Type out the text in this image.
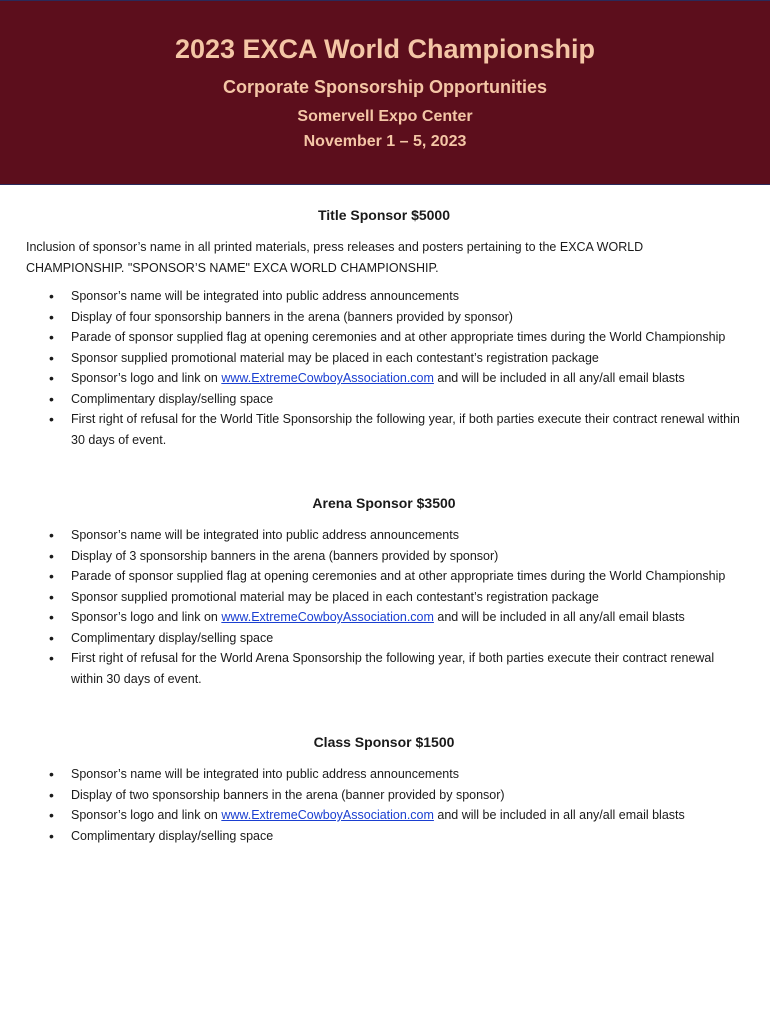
2023 EXCA World Championship
Corporate Sponsorship Opportunities
Somervell Expo Center
November 1 – 5, 2023
Title Sponsor $5000

Inclusion of sponsor’s name in all printed materials, press releases and posters pertaining to the EXCA WORLD CHAMPIONSHIP. "SPONSOR’S NAME" EXCA WORLD CHAMPIONSHIP.

• Sponsor’s name will be integrated into public address announcements
• Display of four sponsorship banners in the arena (banners provided by sponsor)
• Parade of sponsor supplied flag at opening ceremonies and at other appropriate times during the World Championship
• Sponsor supplied promotional material may be placed in each contestant’s registration package
• Sponsor’s logo and link on www.ExtremeCowboyAssociation.com and will be included in all any/all email blasts
• Complimentary display/selling space
• First right of refusal for the World Title Sponsorship the following year, if both parties execute their contract renewal within 30 days of event.
Arena Sponsor $3500
• Sponsor’s name will be integrated into public address announcements
• Display of 3 sponsorship banners in the arena (banners provided by sponsor)
• Parade of sponsor supplied flag at opening ceremonies and at other appropriate times during the World Championship
• Sponsor supplied promotional material may be placed in each contestant’s registration package
• Sponsor’s logo and link on www.ExtremeCowboyAssociation.com and will be included in all any/all email blasts
• Complimentary display/selling space
• First right of refusal for the World Arena Sponsorship the following year, if both parties execute their contract renewal within 30 days of event.
Class Sponsor $1500
• Sponsor’s name will be integrated into public address announcements
• Display of two sponsorship banners in the arena (banner provided by sponsor)
• Sponsor’s logo and link on www.ExtremeCowboyAssociation.com and will be included in all any/all email blasts
• Complimentary display/selling space
